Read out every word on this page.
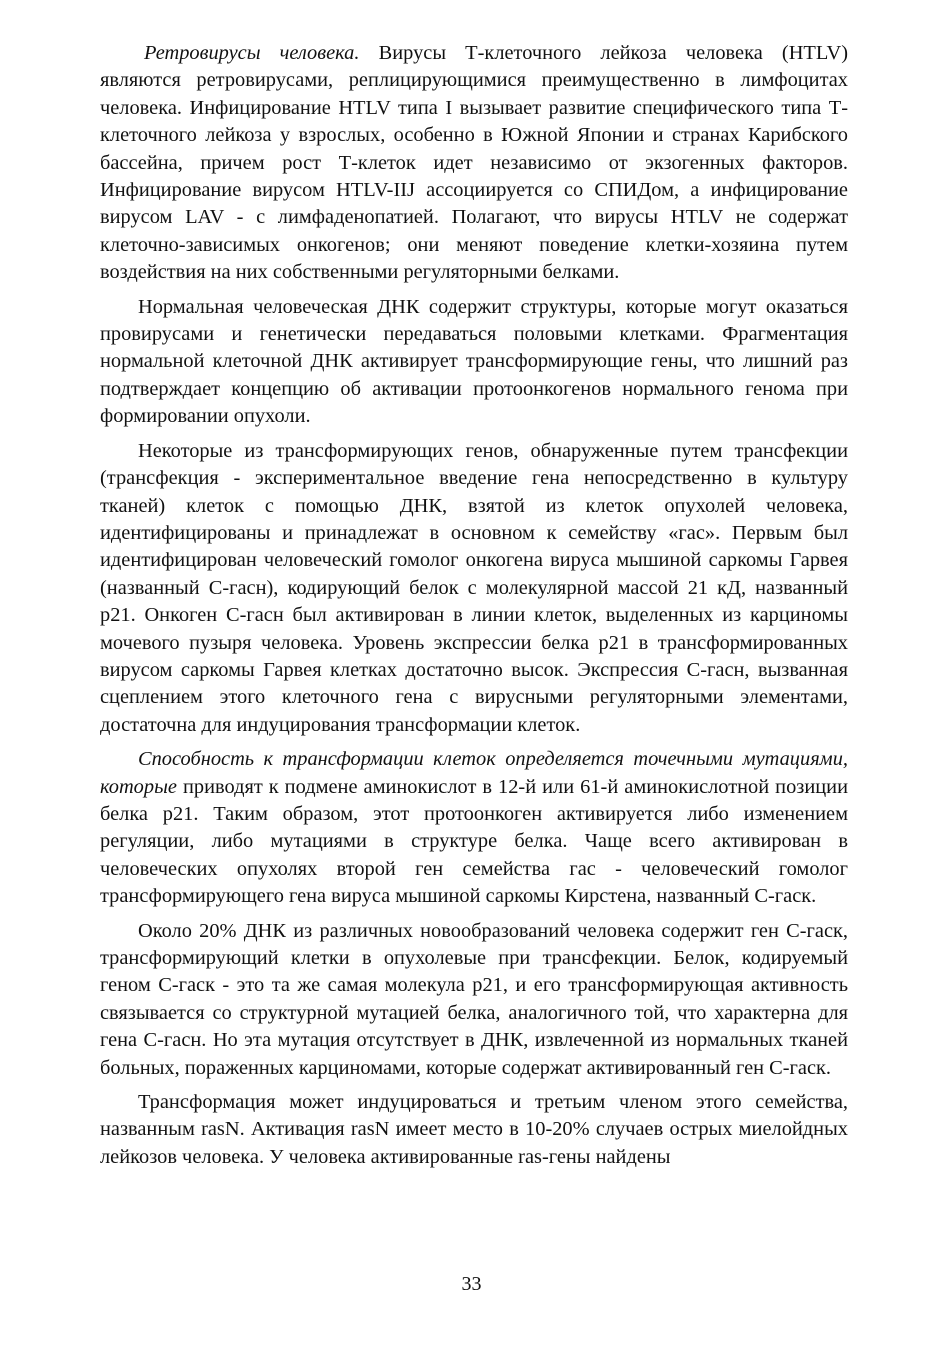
Ретровирусы человека. Вирусы Т-клеточного лейкоза человека (HTLV) являются ретровирусами, реплицирующимися преимущественно в лимфоцитах человека. Инфицирование HTLV типа I вызывает развитие специфического типа Т-клеточного лейкоза у взрослых, особенно в Южной Японии и странах Карибского бассейна, причем рост Т-клеток идет независимо от экзогенных факторов. Инфицирование вирусом HTLV-IIJ ассоциируется со СПИДом, а инфицирование вирусом LAV - с лимфаденопатией. Полагают, что вирусы HTLV не содержат клеточно-зависимых онкогенов; они меняют поведение клетки-хозяина путем воздействия на них собственными регуляторными белками.

Нормальная человеческая ДНК содержит структуры, которые могут оказаться провирусами и генетически передаваться половыми клетками. Фрагментация нормальной клеточной ДНК активирует трансформирующие гены, что лишний раз подтверждает концепцию об активации протоонкогенов нормального генома при формировании опухоли.

Некоторые из трансформирующих генов, обнаруженные путем трансфекции (трансфекция - экспериментальное введение гена непосредственно в культуру тканей) клеток с помощью ДНК, взятой из клеток опухолей человека, идентифицированы и принадлежат в основном к семейству «гас». Первым был идентифицирован человеческий гомолог онкогена вируса мышиной саркомы Гарвея (названный С-гасн), кодирующий белок с молекулярной массой 21 кД, названный р21. Онкоген С-гасн был активирован в линии клеток, выделенных из карциномы мочевого пузыря человека. Уровень экспрессии белка р21 в трансформированных вирусом саркомы Гарвея клетках достаточно высок. Экспрессия С-гасн, вызванная сцеплением этого клеточного гена с вирусными регуляторными элементами, достаточна для индуцирования трансформации клеток.

Способность к трансформации клеток определяется точечными мутациями, которые приводят к подмене аминокислот в 12-й или 61-й аминокислотной позиции белка р21. Таким образом, этот протоонкоген активируется либо изменением регуляции, либо мутациями в структуре белка. Чаще всего активирован в человеческих опухолях второй ген семейства гас - человеческий гомолог трансформирующего гена вируса мышиной саркомы Кирстена, названный С-гаск.

Около 20% ДНК из различных новообразований человека содержит ген С-гаск, трансформирующий клетки в опухолевые при трансфекции. Белок, кодируемый геном С-гаск - это та же самая молекула р21, и его трансформирующая активность связывается со структурной мутацией белка, аналогичного той, что характерна для гена С-гасн. Но эта мутация отсутствует в ДНК, извлеченной из нормальных тканей больных, пораженных карциномами, которые содержат активированный ген С-гаск.

Трансформация может индуцироваться и третьим членом этого семейства, названным rasN. Активация rasN имеет место в 10-20% случаев острых миелойдных лейкозов человека. У человека активированные ras-гены найдены

33
